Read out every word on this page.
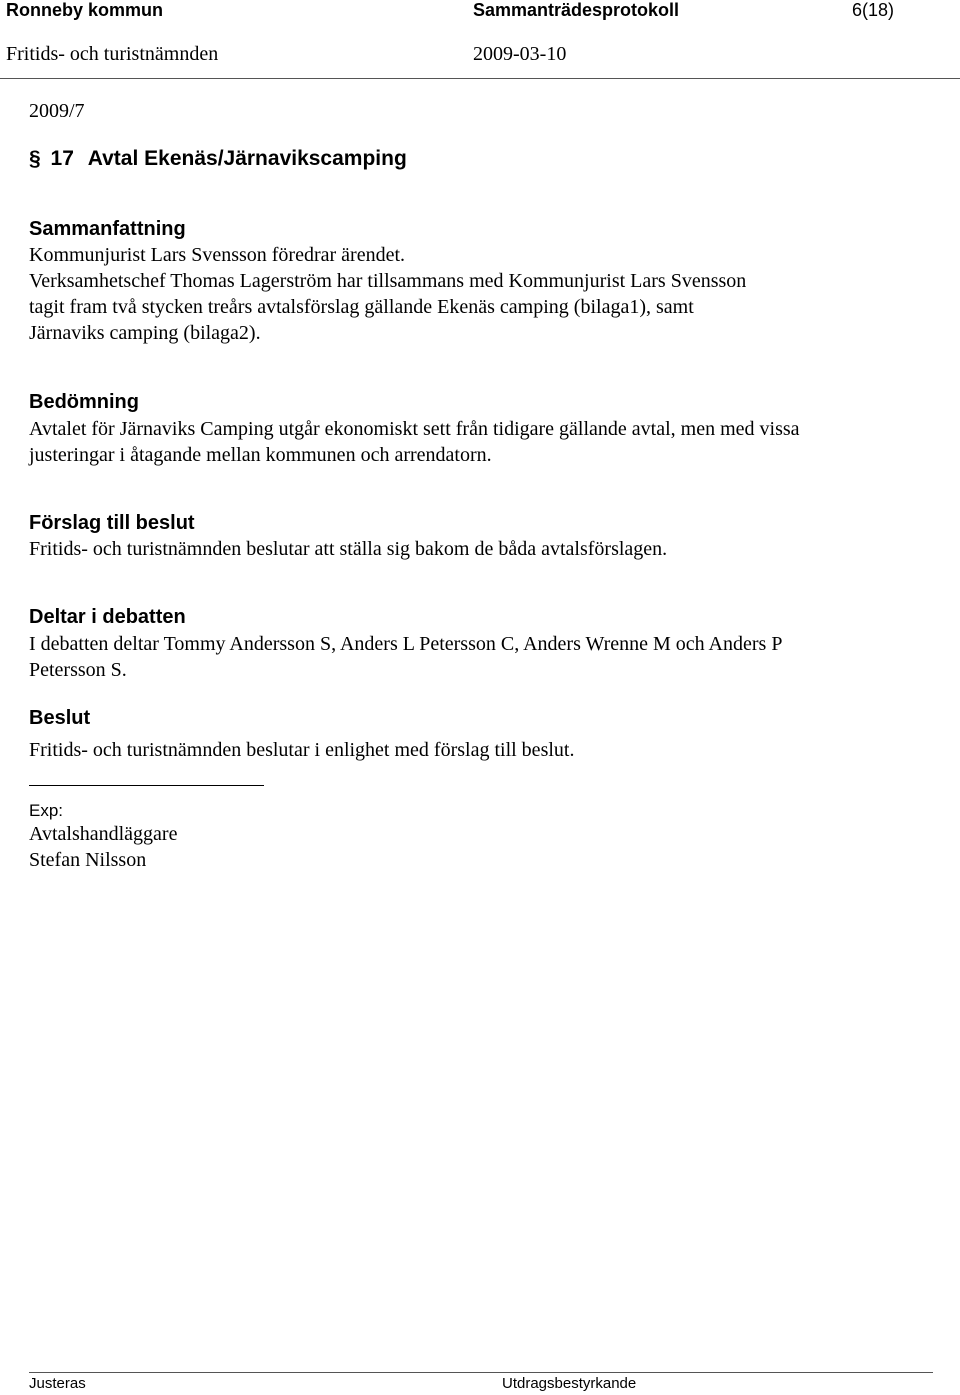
Ronneby kommun	Sammanträdesprotokoll	6(18)
Fritids- och turistnämnden	2009-03-10
2009/7
§ 17 Avtal Ekenäs/Järnavikscamping
Sammanfattning
Kommunjurist Lars Svensson föredrar ärendet.
Verksamhetschef Thomas Lagerström har tillsammans med Kommunjurist Lars Svensson
tagit fram två stycken treårs avtalsförslag gällande Ekenäs camping (bilaga1), samt
Järnaviks camping (bilaga2).
Bedömning
Avtalet för Järnaviks Camping utgår ekonomiskt sett från tidigare gällande avtal, men med vissa
justeringar i åtagande mellan kommunen och arrendatorn.
Förslag till beslut
Fritids- och turistnämnden beslutar att ställa sig bakom de båda avtalsförslagen.
Deltar i debatten
I debatten deltar Tommy Andersson S, Anders L Petersson C, Anders Wrenne M och Anders P
Petersson S.
Beslut
Fritids- och turistnämnden beslutar i enlighet med förslag till beslut.
Exp:
Avtalshandläggare
Stefan Nilsson
Justeras	Utdragsbestyrkande
